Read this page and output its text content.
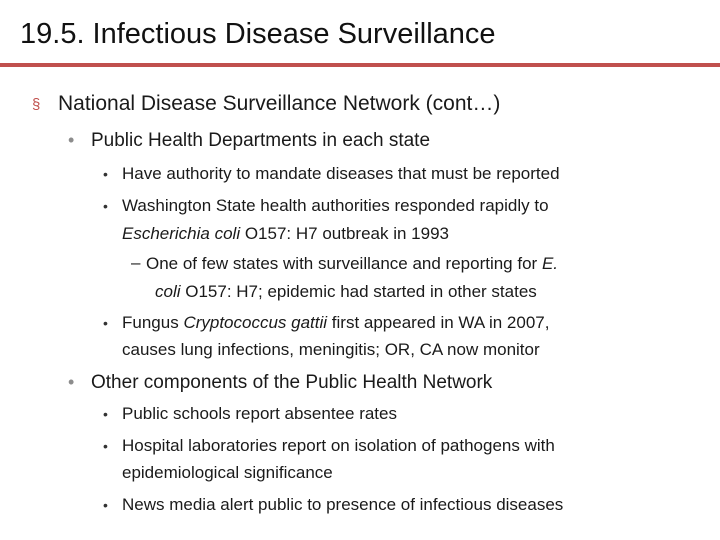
19.5. Infectious Disease Surveillance
§ National Disease Surveillance Network (cont…)
• Public Health Departments in each state
• Have authority to mandate diseases that must be reported
• Washington State health authorities responded rapidly to
Escherichia coli O157: H7 outbreak in 1993
– One of few states with surveillance and reporting for E.
coli O157: H7; epidemic had started in other states
• Fungus Cryptococcus gattii first appeared in WA in 2007,
causes lung infections, meningitis; OR, CA now monitor
• Other components of the Public Health Network
• Public schools report absentee rates
• Hospital laboratories report on isolation of pathogens with
epidemiological significance
• News media alert public to presence of infectious diseases
